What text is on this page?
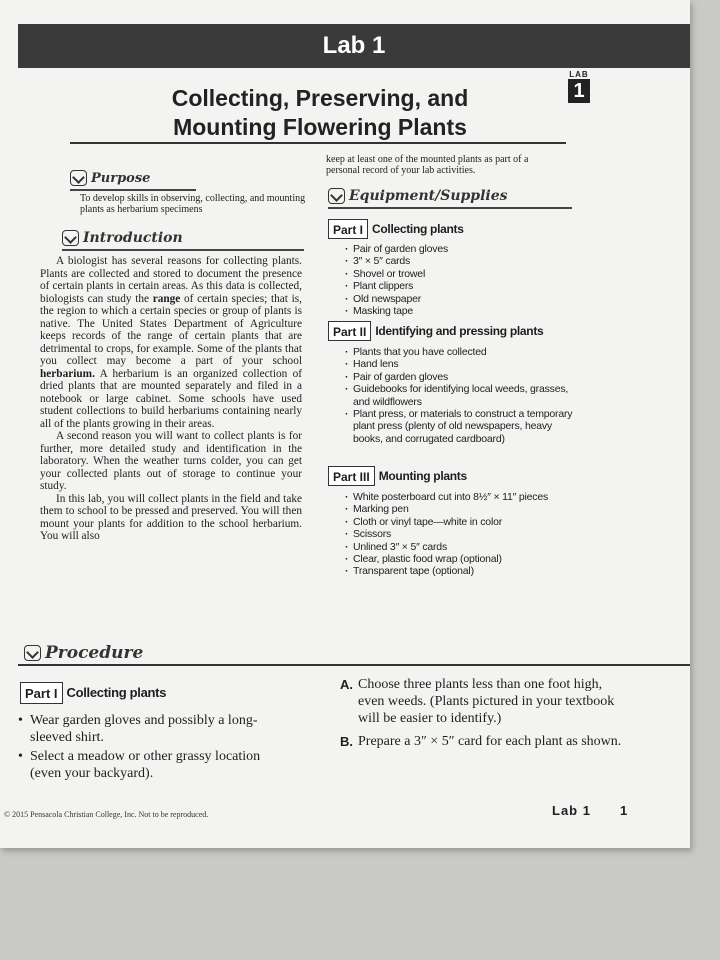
Lab 1
LAB
1
Collecting, Preserving, and
Mounting Flowering Plants
Purpose
To develop skills in observing, collecting, and mounting plants as herbarium specimens
Introduction

A biologist has several reasons for collecting plants. Plants are collected and stored to document the presence of certain plants in certain areas. As this data is collected, biologists can study the range of certain species; that is, the region to which a certain species or group of plants is native. The United States Department of Agriculture keeps records of the range of certain plants that are detrimental to crops, for example. Some of the plants that you collect may become a part of your school herbarium. A herbarium is an organized collection of dried plants that are mounted separately and filed in a notebook or large cabinet. Some schools have used student collections to build herbariums containing nearly all of the plants growing in their areas.

A second reason you will want to collect plants is for further, more detailed study and identification in the laboratory. When the weather turns colder, you can get your collected plants out of storage to continue your study.

In this lab, you will collect plants in the field and take them to school to be pressed and preserved. You will then mount your plants for addition to the school herbarium. You will also

keep at least one of the mounted plants as part of a personal record of your lab activities.
Equipment/Supplies
Part I Collecting plants
· Pair of garden gloves
· 3″ × 5″ cards
· Shovel or trowel
· Plant clippers
· Old newspaper
· Masking tape
Part II Identifying and pressing plants
· Plants that you have collected
· Hand lens
· Pair of garden gloves
· Guidebooks for identifying local weeds, grasses, and wildflowers
· Plant press, or materials to construct a temporary plant press (plenty of old newspapers, heavy books, and corrugated cardboard)
Part III Mounting plants
· White posterboard cut into 8½″ × 11″ pieces
· Marking pen
· Cloth or vinyl tape—white in color
· Scissors
· Unlined 3″ × 5″ cards
· Clear, plastic food wrap (optional)
· Transparent tape (optional)
Procedure
Part I Collecting plants
• Wear garden gloves and possibly a long-sleeved shirt.
• Select a meadow or other grassy location (even your backyard).
A. Choose three plants less than one foot high, even weeds. (Plants pictured in your textbook will be easier to identify.)
B. Prepare a 3″ × 5″ card for each plant as shown.
© 2015 Pensacola Christian College, Inc. Not to be reproduced.	Lab 1 1
